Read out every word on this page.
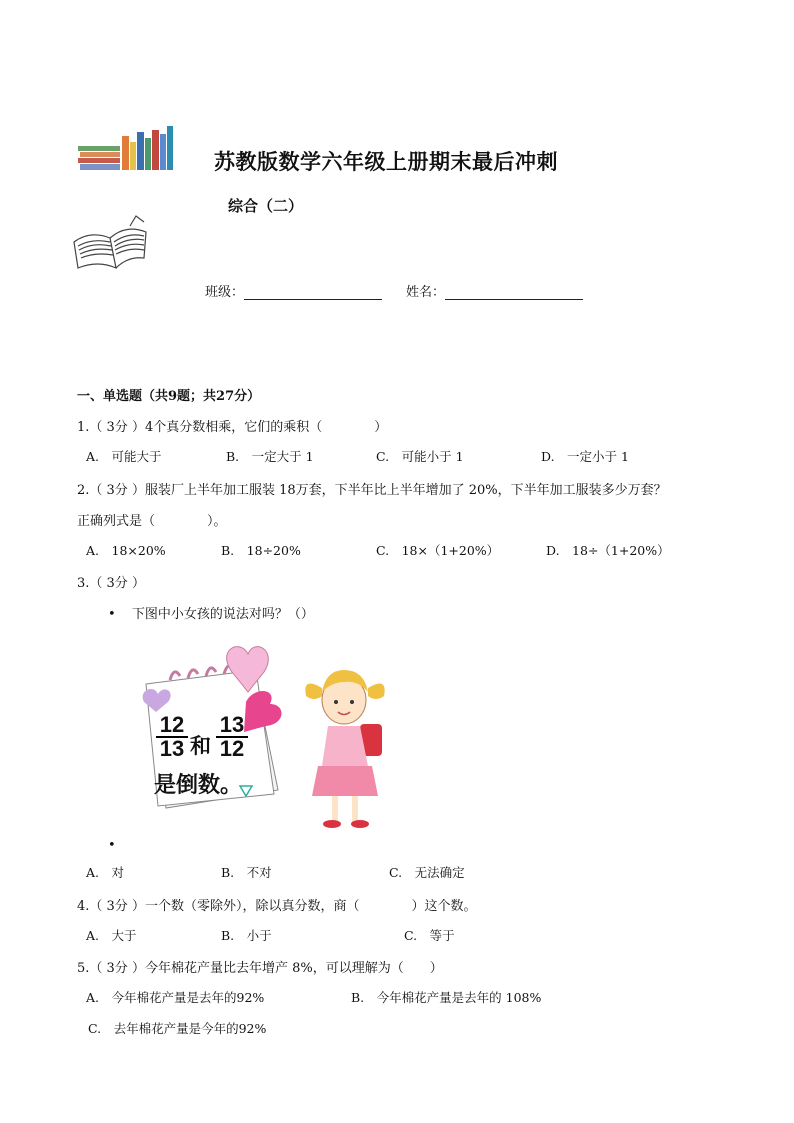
苏教版数学六年级上册期末最后冲刺
综合（二）
班级：	姓名：
一、单选题（共9题；共27分）
1.（ 3分 ）4个真分数相乘，它们的乘积（　　　　）
A.　可能大于	B.　一定大于 1	C.　可能小于 1	D.　一定小于 1
2.（ 3分 ）服装厂上半年加工服装 18万套，下半年比上半年增加了 20%，下半年加工服装多少万套？
正确列式是（　　　　）。
A.　18×20%	B.　18÷20%	C.　18×（1+20%）	D.　18÷（1+20%）
3.（ 3分 ）
• 下图中小女孩的说法对吗？（）
$\frac{12}{13}$ 和 $\frac{13}{12}$
是倒数。
•
A.　对	B.　不对	C.　无法确定
4.（ 3分 ）一个数（零除外），除以真分数，商（　　　　）这个数。
A.　大于	B.　小于	C.　等于
5.（ 3分 ）今年棉花产量比去年增产 8%，可以理解为（　　）
A.　今年棉花产量是去年的92%	B.　今年棉花产量是去年的 108%
C.　去年棉花产量是今年的92%
